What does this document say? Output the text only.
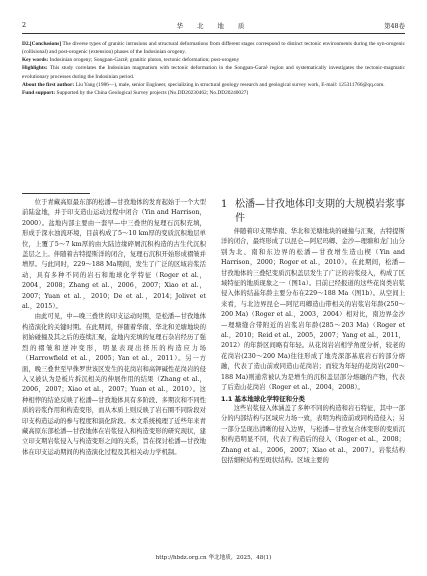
2	华 北 地 质	第48卷

D2.[Conclusions] The diverse types of granitic intrusions and structural deformations from different stages correspond to distinct tectonic environments during the syn-orogenic (collisional) and post-orogenic (extension) phases of the Indosinian orogeny.

Key words: Indosinian orogeny; Songpan-Garzê; granitic pluton, tectonic deformation; post-orogeny

Highlights: This study correlates the Indosinian magmatism with tectonic deformation in the Songpan-Garzê region and systematically investigates the tectonic-magmatic evolutionary processes during the Indosinian period.

About the first author: Liu Yang (1986—), male, senior Engineer, specializing in structural geology research and geological survey work, E-mail: 125311766@qq.com.

Fund support: Supported by the China Geological Survey projects (No.DD20230462; No.DD20240027)

位于青藏高原最东部的松潘—甘孜地体的发育起始于一个大型前陆盆地，并于印支造山运动过程中闭合（Yin and Harrison，2000）。盆地内部主要由一套早—中三叠世的复理石沉积充填，形成于深水浊流环境，目前构成了5～10 km厚的变质沉积地层单位，上覆了5～7 km厚的由大陆边缘碎屑沉积构造的古生代沉积盖层之上。伴随着古特提斯洋的闭合，复理石沉积开始形成褶皱并增厚。与此同时，229～188 Ma期间，发生了广泛的区域岩浆活动，具有多种不同的岩石和地球化学特征（Roger et al.，2004，2008；Zhang et al.，2006，2007；Xiao et al.，2007；Yuan et al.，2010；De et al.，2014；Jolivet et al.，2015）。

由此可见，中—晚三叠世的印支运动时期，是松潘—甘孜地体构造演化的关键时期。在此期间，伴随着华南、华北和羌塘地块的初始碰撞及其之后的连续汇聚，盆地内充填的复理石杂岩经历了强烈的褶皱和逆冲变形，明显表现出挤压的构造应力场（Harrowfield et al.，2005；Yan et al.，2011）。另一方面，晚三叠世至早侏罗世该区发生的花岗岩和高钾碱性花岗岩的侵入又被认为是板片拆沉相关的伸展作用的结果（Zhang et al.，2006，2007；Xiao et al.，2007；Yuan et al.，2010）。这种相悖的结论反映了松潘—甘孜地体具有多阶段、多期次和不同性质的岩浆作用和构造变形，而从本质上则反映了岩石圈不同阶段对印支构造运动的参与程度和演化阶段。本文系统梳理了近些年来青藏高原东部松潘—甘孜地体在岩浆侵入和构造变形的研究现状，建立印支期岩浆侵入与构造变形之间的关系，旨在探讨松潘—甘孜地体在印支运动期间的构造演化过程及其相关动力学机制。

1 松潘—甘孜地体印支期的大规模岩浆事件

伴随着印支期华南、华北和羌塘地块的碰撞与汇聚，古特提斯洋的闭合，最终形成了以昆仑—阿尼玛卿、金沙—理塘和龙门山分别为北、南和东边界的松潘—甘孜增生造山楔（Yin and Harrison，2000；Roger et al.，2010）。在此期间，松潘—甘孜地体的三叠纪变质沉积盖层发生了广泛的岩浆侵入，构成了区域特征的地质现象之一（图1a）。目前已经报道的这些花岗类岩浆侵入体的结晶年龄主要分布在229～188 Ma（图1b）。从空间上来看，与北边界昆仑—阿尼玛卿造山带相关的岩浆岩年龄(250～200 Ma)（Roger et al.，2003，2004）相对比，南边界金沙—理塘缝合带附近的岩浆岩年龄(285～203 Ma)（Roger et al.，2010；Reid et al.，2005，2007；Yang et al.，2011，2012）的年龄区间略有年轻。从花岗岩岩相学角度分析，较老的花岗岩(230～200 Ma)往往形成了地壳深部基底岩石的部分熔融，代表了造山前或同造山花岗岩；而较为年轻的花岗岩(200～188 Ma)则通常被认为是增生的沉积盖层部分熔融的产物，代表了后造山花岗岩（Roger et al.，2004，2008）。

1.1 基本地球化学特征和分类

这些岩浆侵入体涵盖了多种不同的构造和岩石特征，其中一部分的内部结构与区域应力场一致，表明为构造前或同构造侵入；另一部分呈现出清晰的侵入边界，与松潘—甘孜复合体变形的变质沉积构造明显不同，代表了构造后的侵入（Roger et al.，2008；Zhang et al.，2006，2007；Xiao et al.，2007）。岩浆结构包括細粒結构至斑状结构。区域主要的

http://hbdz.org.cn 华北地质，2025，48(1)
